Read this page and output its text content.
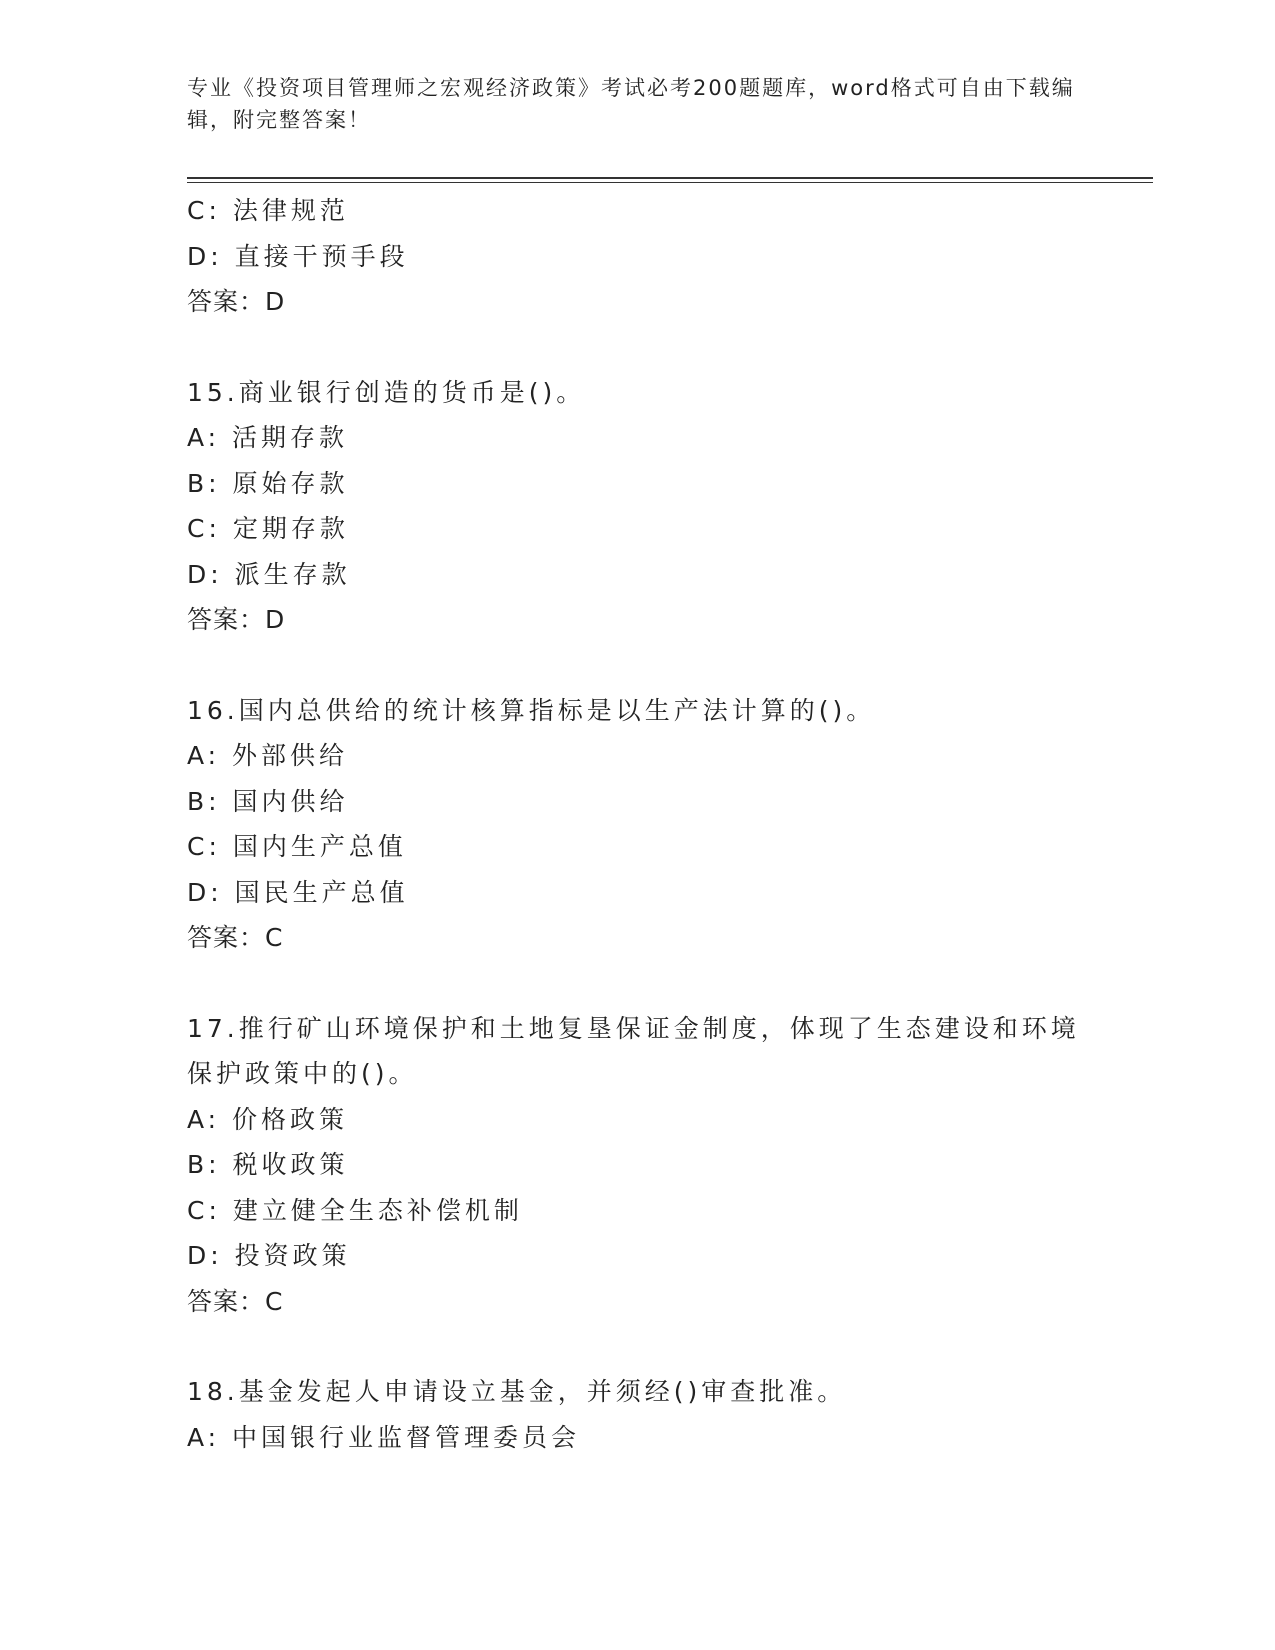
专业《投资项目管理师之宏观经济政策》考试必考200题题库，word格式可自由下载编辑，附完整答案！
C: 法律规范
D: 直接干预手段
答案：D
15.商业银行创造的货币是()。
A: 活期存款
B: 原始存款
C: 定期存款
D: 派生存款
答案：D
16.国内总供给的统计核算指标是以生产法计算的()。
A: 外部供给
B: 国内供给
C: 国内生产总值
D: 国民生产总值
答案：C
17.推行矿山环境保护和土地复垦保证金制度，体现了生态建设和环境保护政策中的()。
A: 价格政策
B: 税收政策
C: 建立健全生态补偿机制
D: 投资政策
答案：C
18.基金发起人申请设立基金，并须经()审查批准。
A: 中国银行业监督管理委员会
